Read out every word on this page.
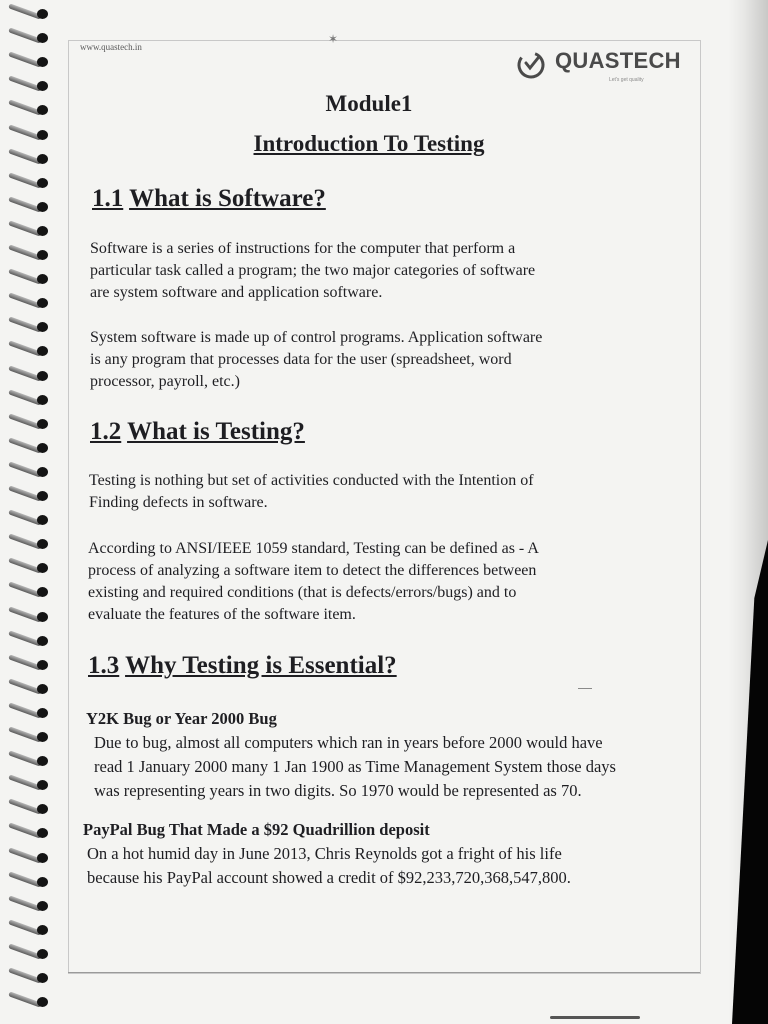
www.quastech.in
✶
QUASTECH
Let's get quality
Module1
Introduction To Testing
1.1 What is Software?

Software is a series of instructions for the computer that perform a

particular task called a program; the two major categories of software

are system software and application software.

System software is made up of control programs. Application software

is any program that processes data for the user (spreadsheet, word

processor, payroll, etc.)

1.2 What is Testing?

Testing is nothing but set of activities conducted with the Intention of

Finding defects in software.

According to ANSI/IEEE 1059 standard, Testing can be defined as - A

process of analyzing a software item to detect the differences between

existing and required conditions (that is defects/errors/bugs) and to

evaluate the features of the software item.

1.3 Why Testing is Essential?
Y2K Bug or Year 2000 Bug

Due to bug, almost all computers which ran in years before 2000 would have

read 1 January 2000 many 1 Jan 1900 as Time Management System those days

was representing years in two digits. So 1970 would be represented as 70.

PayPal Bug That Made a $92 Quadrillion deposit

On a hot humid day in June 2013, Chris Reynolds got a fright of his life

because his PayPal account showed a credit of $92,233,720,368,547,800.
